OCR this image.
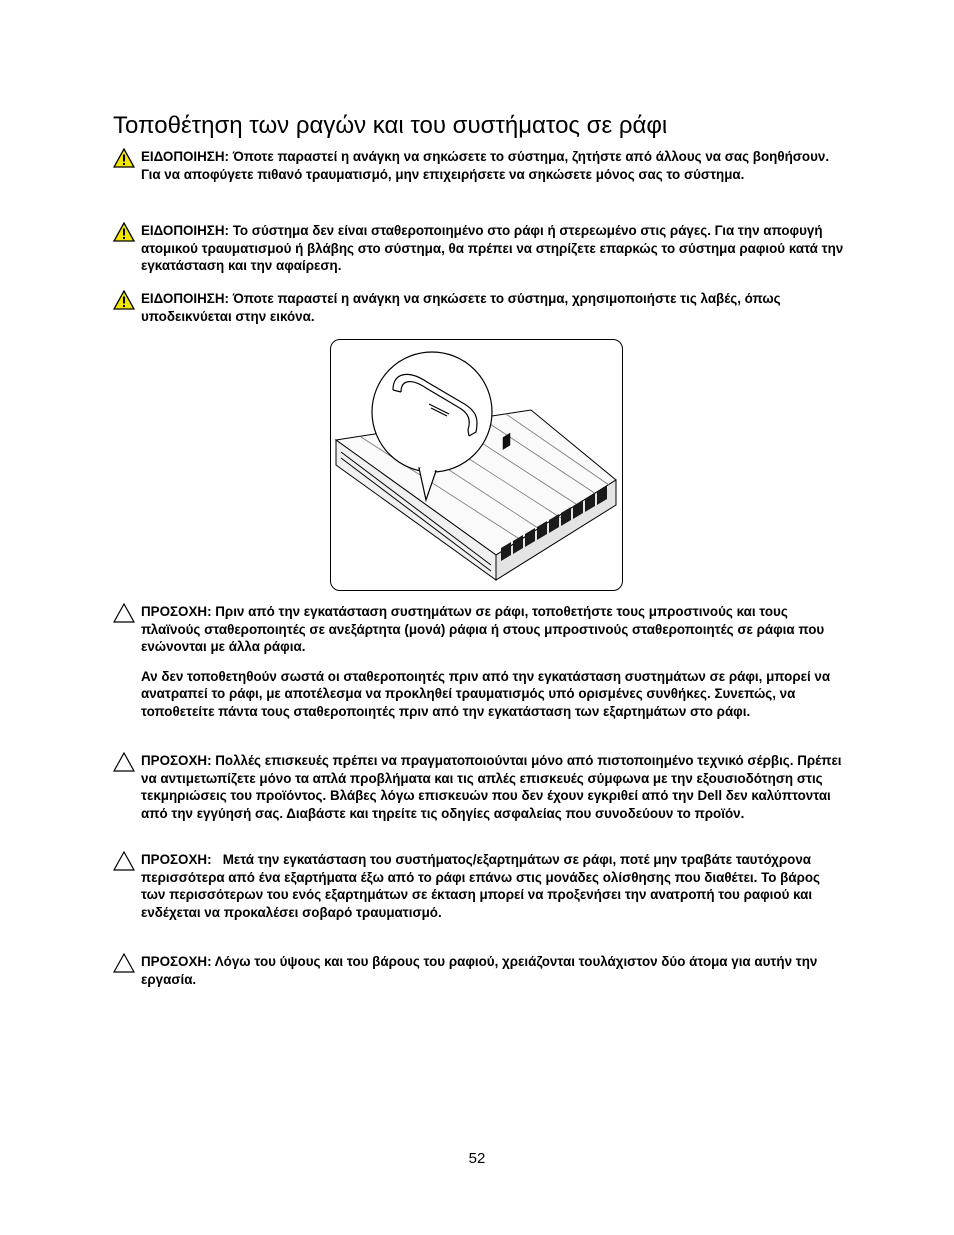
Τοποθέτηση των ραγών και του συστήματος σε ράφι

ΕΙΔΟΠΟΙΗΣΗ: Όποτε παραστεί η ανάγκη να σηκώσετε το σύστημα, ζητήστε από άλλους να σας βοηθήσουν. Για να αποφύγετε πιθανό τραυματισμό, μην επιχειρήσετε να σηκώσετε μόνος σας το σύστημα.

ΕΙΔΟΠΟΙΗΣΗ: Το σύστημα δεν είναι σταθεροποιημένο στο ράφι ή στερεωμένο στις ράγες. Για την αποφυγή ατομικού τραυματισμού ή βλάβης στο σύστημα, θα πρέπει να στηρίζετε επαρκώς το σύστημα ραφιού κατά την εγκατάσταση και την αφαίρεση.

ΕΙΔΟΠΟΙΗΣΗ: Όποτε παραστεί η ανάγκη να σηκώσετε το σύστημα, χρησιμοποιήστε τις λαβές, όπως υποδεικνύεται στην εικόνα.

ΠΡΟΣΟΧΗ: Πριν από την εγκατάσταση συστημάτων σε ράφι, τοποθετήστε τους μπροστινούς και τους πλαϊνούς σταθεροποιητές σε ανεξάρτητα (μονά) ράφια ή στους μπροστινούς σταθεροποιητές σε ράφια που ενώνονται με άλλα ράφια.

Αν δεν τοποθετηθούν σωστά οι σταθεροποιητές πριν από την εγκατάσταση συστημάτων σε ράφι, μπορεί να ανατραπεί το ράφι, με αποτέλεσμα να προκληθεί τραυματισμός υπό ορισμένες συνθήκες. Συνεπώς, να τοποθετείτε πάντα τους σταθεροποιητές πριν από την εγκατάσταση των εξαρτημάτων στο ράφι.

ΠΡΟΣΟΧΗ: Πολλές επισκευές πρέπει να πραγματοποιούνται μόνο από πιστοποιημένο τεχνικό σέρβις. Πρέπει να αντιμετωπίζετε μόνο τα απλά προβλήματα και τις απλές επισκευές σύμφωνα με την εξουσιοδότηση στις τεκμηριώσεις του προϊόντος. Βλάβες λόγω επισκευών που δεν έχουν εγκριθεί από την Dell δεν καλύπτονται από την εγγύησή σας. Διαβάστε και τηρείτε τις οδηγίες ασφαλείας που συνοδεύουν το προϊόν.

ΠΡΟΣΟΧΗ:   Μετά την εγκατάσταση του συστήματος/εξαρτημάτων σε ράφι, ποτέ μην τραβάτε ταυτόχρονα περισσότερα από ένα εξαρτήματα έξω από το ράφι επάνω στις μονάδες ολίσθησης που διαθέτει. Το βάρος των περισσότερων του ενός εξαρτημάτων σε έκταση μπορεί να προξενήσει την ανατροπή του ραφιού και ενδέχεται να προκαλέσει σοβαρό τραυματισμό.

ΠΡΟΣΟΧΗ: Λόγω του ύψους και του βάρους του ραφιού, χρειάζονται τουλάχιστον δύο άτομα για αυτήν την εργασία.

52
